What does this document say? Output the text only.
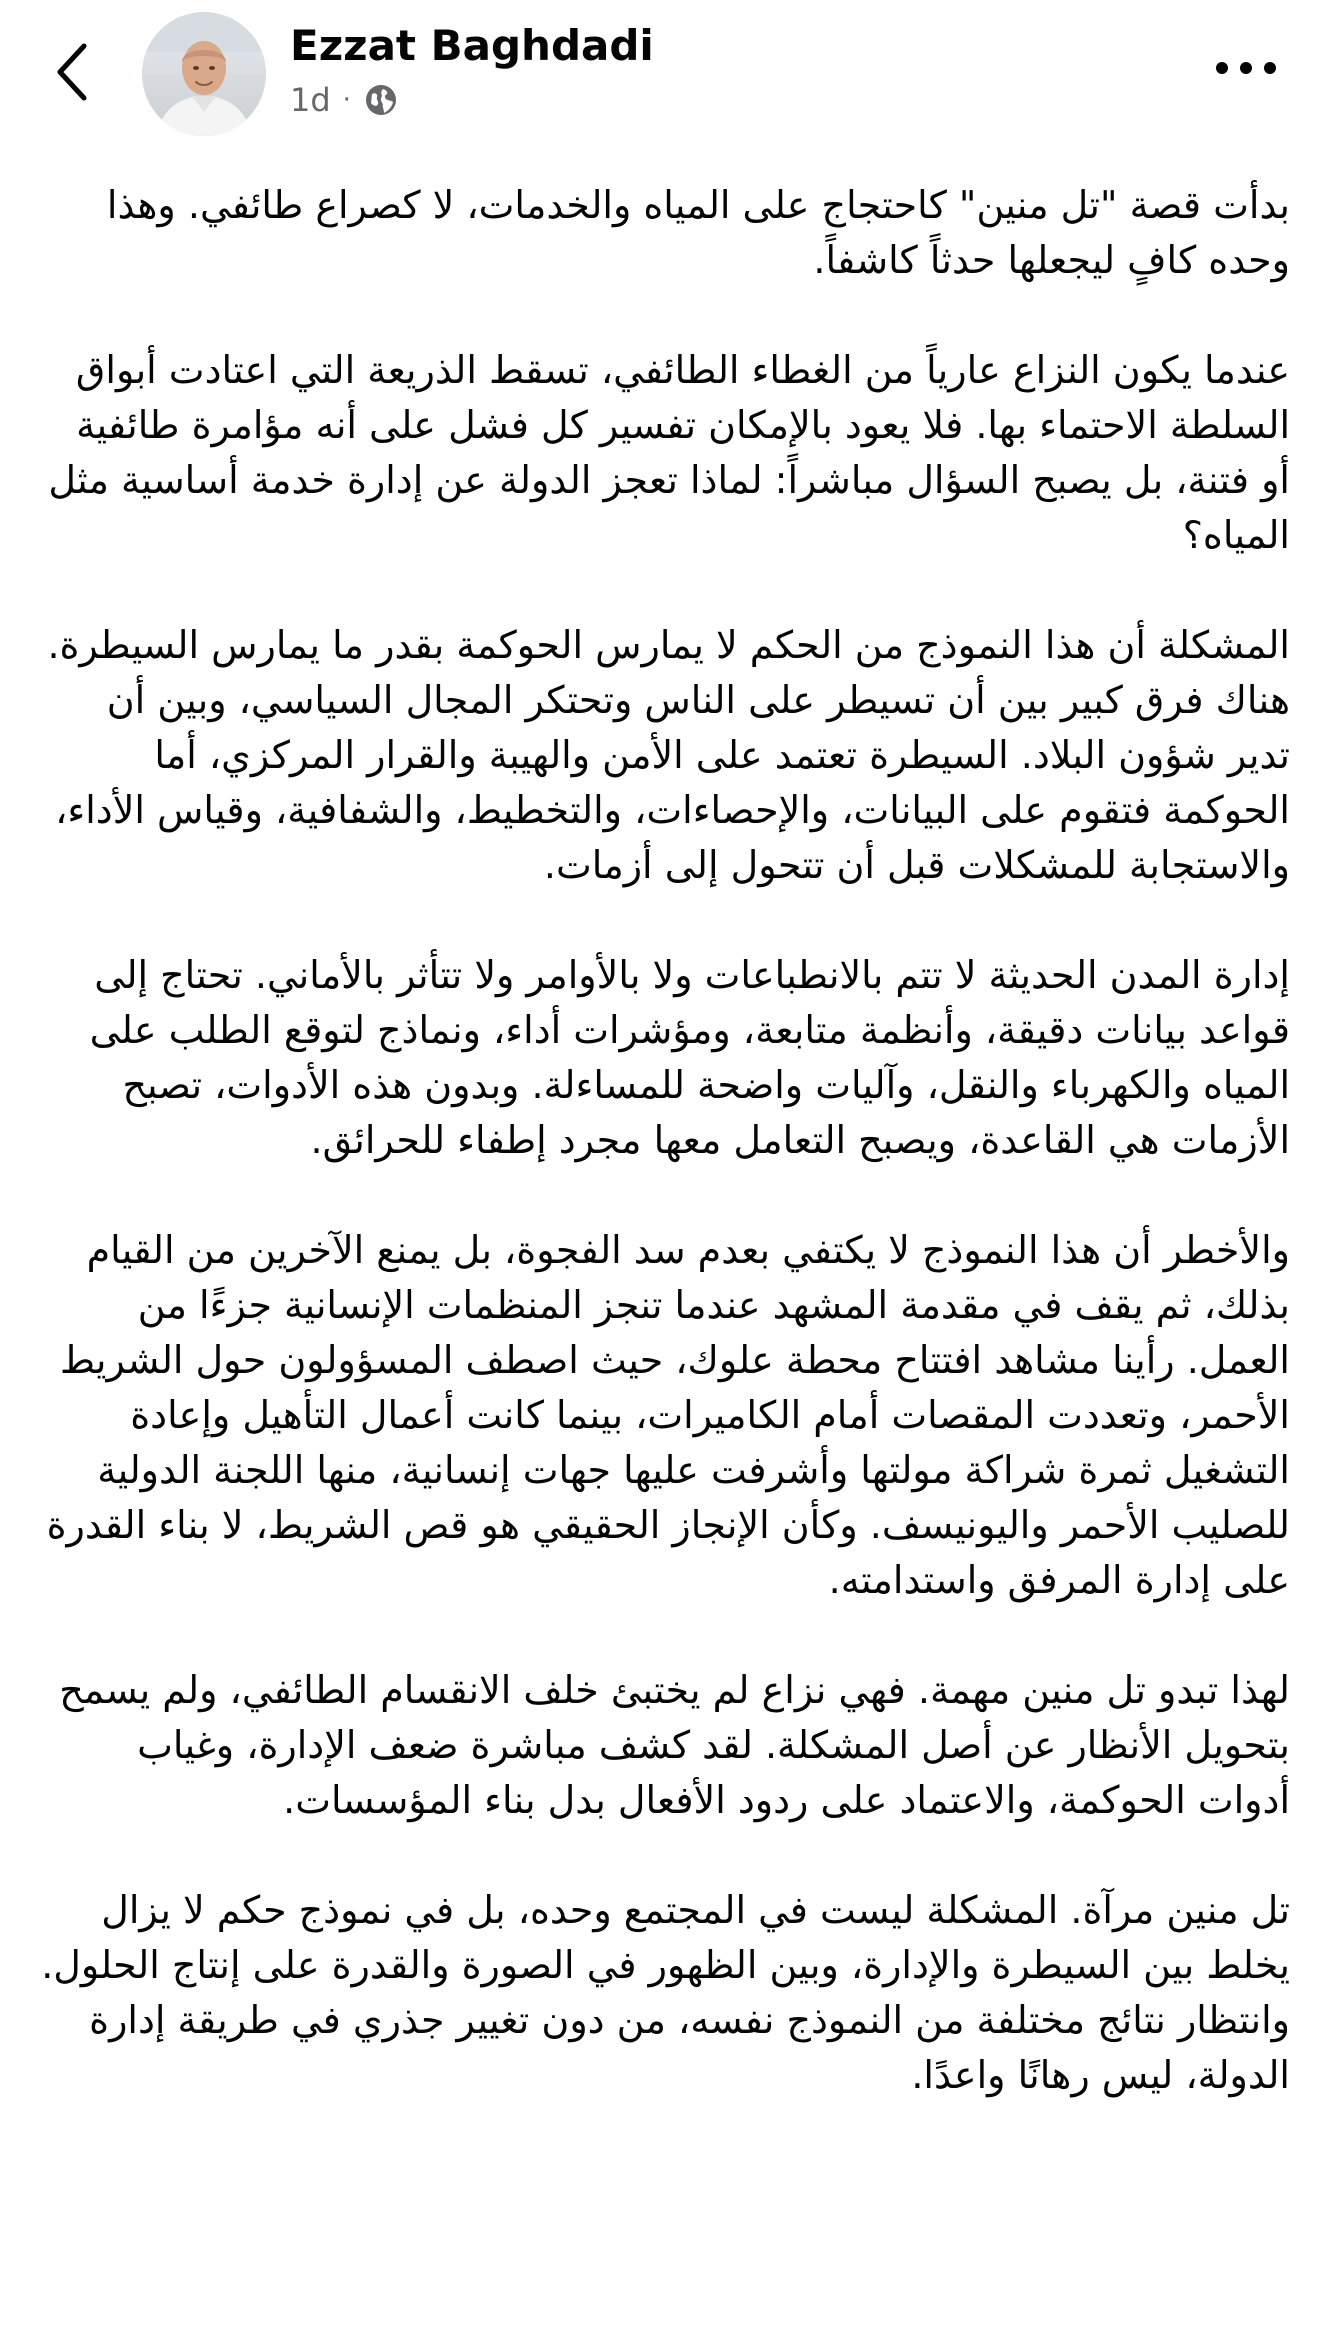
Ezzat Baghdadi
1d ·

بدأت قصة "تل منين" كاحتجاج على المياه والخدمات، لا كصراع طائفي. وهذا وحده كافٍ ليجعلها حدثاً كاشفاً.

عندما يكون النزاع عارياً من الغطاء الطائفي، تسقط الذريعة التي اعتادت أبواق السلطة الاحتماء بها. فلا يعود بالإمكان تفسير كل فشل على أنه مؤامرة طائفية أو فتنة، بل يصبح السؤال مباشراً: لماذا تعجز الدولة عن إدارة خدمة أساسية مثل المياه؟

المشكلة أن هذا النموذج من الحكم لا يمارس الحوكمة بقدر ما يمارس السيطرة. هناك فرق كبير بين أن تسيطر على الناس وتحتكر المجال السياسي، وبين أن تدير شؤون البلاد. السيطرة تعتمد على الأمن والهيبة والقرار المركزي، أما الحوكمة فتقوم على البيانات، والإحصاءات، والتخطيط، والشفافية، وقياس الأداء، والاستجابة للمشكلات قبل أن تتحول إلى أزمات.

إدارة المدن الحديثة لا تتم بالانطباعات ولا بالأوامر ولا تتأثر بالأماني. تحتاج إلى قواعد بيانات دقيقة، وأنظمة متابعة، ومؤشرات أداء، ونماذج لتوقع الطلب على المياه والكهرباء والنقل، وآليات واضحة للمساءلة. وبدون هذه الأدوات، تصبح الأزمات هي القاعدة، ويصبح التعامل معها مجرد إطفاء للحرائق.

والأخطر أن هذا النموذج لا يكتفي بعدم سد الفجوة، بل يمنع الآخرين من القيام بذلك، ثم يقف في مقدمة المشهد عندما تنجز المنظمات الإنسانية جزءًا من العمل. رأينا مشاهد افتتاح محطة علوك، حيث اصطف المسؤولون حول الشريط الأحمر، وتعددت المقصات أمام الكاميرات، بينما كانت أعمال التأهيل وإعادة التشغيل ثمرة شراكة مولتها وأشرفت عليها جهات إنسانية، منها اللجنة الدولية للصليب الأحمر واليونيسف. وكأن الإنجاز الحقيقي هو قص الشريط، لا بناء القدرة على إدارة المرفق واستدامته.

لهذا تبدو تل منين مهمة. فهي نزاع لم يختبئ خلف الانقسام الطائفي، ولم يسمح بتحويل الأنظار عن أصل المشكلة. لقد كشف مباشرة ضعف الإدارة، وغياب أدوات الحوكمة، والاعتماد على ردود الأفعال بدل بناء المؤسسات.

تل منين مرآة. المشكلة ليست في المجتمع وحده، بل في نموذج حكم لا يزال يخلط بين السيطرة والإدارة، وبين الظهور في الصورة والقدرة على إنتاج الحلول. وانتظار نتائج مختلفة من النموذج نفسه، من دون تغيير جذري في طريقة إدارة الدولة، ليس رهانًا واعدًا.
